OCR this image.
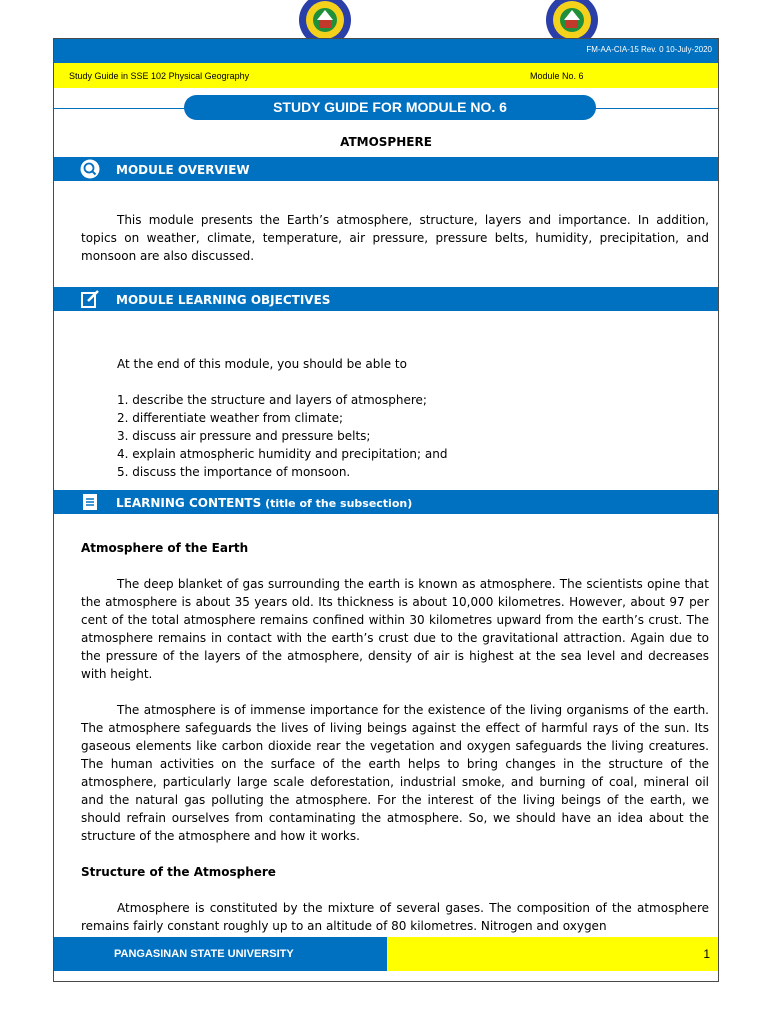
FM-AA-CIA-15 Rev. 0 10-July-2020
Study Guide in SSE 102 Physical Geography	Module No. 6
STUDY GUIDE FOR MODULE NO. 6
ATMOSPHERE
MODULE OVERVIEW

This module presents the Earth’s atmosphere, structure, layers and importance. In addition, topics on weather, climate, temperature, air pressure, pressure belts, humidity, precipitation, and monsoon are also discussed.

MODULE LEARNING OBJECTIVES

At the end of this module, you should be able to

1. describe the structure and layers of atmosphere;

2. differentiate weather from climate;

3. discuss air pressure and pressure belts;

4. explain atmospheric humidity and precipitation; and

5. discuss the importance of monsoon.

LEARNING CONTENTS (title of the subsection)

Atmosphere of the Earth

The deep blanket of gas surrounding the earth is known as atmosphere. The scientists opine that the atmosphere is about 35 years old. Its thickness is about 10,000 kilometres. However, about 97 per cent of the total atmosphere remains confined within 30 kilometres upward from the earth’s crust. The atmosphere remains in contact with the earth’s crust due to the gravitational attraction. Again due to the pressure of the layers of the atmosphere, density of air is highest at the sea level and decreases with height.

The atmosphere is of immense importance for the existence of the living organisms of the earth. The atmosphere safeguards the lives of living beings against the effect of harmful rays of the sun. Its gaseous elements like carbon dioxide rear the vegetation and oxygen safeguards the living creatures. The human activities on the surface of the earth helps to bring changes in the structure of the atmosphere, particularly large scale deforestation, industrial smoke, and burning of coal, mineral oil and the natural gas polluting the atmosphere. For the interest of the living beings of the earth, we should refrain ourselves from contaminating the atmosphere. So, we should have an idea about the structure of the atmosphere and how it works.

Structure of the Atmosphere

Atmosphere is constituted by the mixture of several gases. The composition of the atmosphere remains fairly constant roughly up to an altitude of 80 kilometres. Nitrogen and oxygen

PANGASINAN STATE UNIVERSITY	1
